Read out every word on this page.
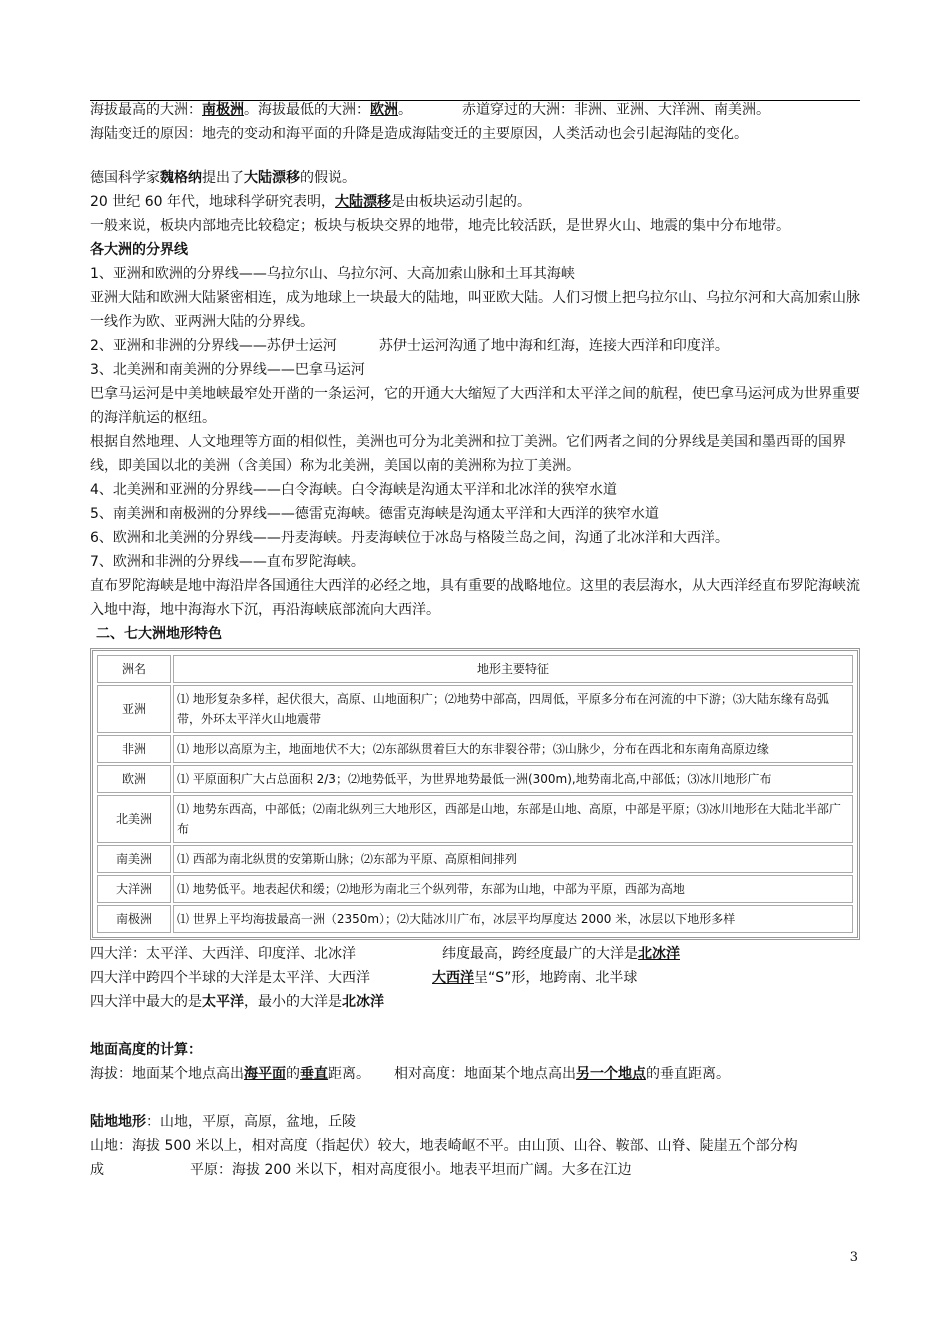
海拔最高的大洲：南极洲。海拔最低的大洲：欧洲。	赤道穿过的大洲：非洲、亚洲、大洋洲、南美洲。
海陆变迁的原因：地壳的变动和海平面的升降是造成海陆变迁的主要原因，人类活动也会引起海陆的变化。
德国科学家魏格纳提出了大陆漂移的假说。
20 世纪 60 年代，地球科学研究表明，大陆漂移是由板块运动引起的。
一般来说，板块内部地壳比较稳定；板块与板块交界的地带，地壳比较活跃，是世界火山、地震的集中分布地带。
各大洲的分界线
1、亚洲和欧洲的分界线——乌拉尔山、乌拉尔河、大高加索山脉和土耳其海峡
亚洲大陆和欧洲大陆紧密相连，成为地球上一块最大的陆地，叫亚欧大陆。人们习惯上把乌拉尔山、乌拉尔河和大高加索山脉一线作为欧、亚两洲大陆的分界线。
2、亚洲和非洲的分界线——苏伊士运河	苏伊士运河沟通了地中海和红海，连接大西洋和印度洋。
3、北美洲和南美洲的分界线——巴拿马运河
巴拿马运河是中美地峡最窄处开凿的一条运河，它的开通大大缩短了大西洋和太平洋之间的航程，使巴拿马运河成为世界重要的海洋航运的枢纽。
根据自然地理、人文地理等方面的相似性，美洲也可分为北美洲和拉丁美洲。它们两者之间的分界线是美国和墨西哥的国界线，即美国以北的美洲（含美国）称为北美洲，美国以南的美洲称为拉丁美洲。
4、北美洲和亚洲的分界线——白令海峡。白令海峡是沟通太平洋和北冰洋的狭窄水道
5、南美洲和南极洲的分界线——德雷克海峡。德雷克海峡是沟通太平洋和大西洋的狭窄水道
6、欧洲和北美洲的分界线——丹麦海峡。丹麦海峡位于冰岛与格陵兰岛之间，沟通了北冰洋和大西洋。
7、欧洲和非洲的分界线——直布罗陀海峡。
直布罗陀海峡是地中海沿岸各国通往大西洋的必经之地，具有重要的战略地位。这里的表层海水，从大西洋经直布罗陀海峡流入地中海，地中海海水下沉，再沿海峡底部流向大西洋。
二、七大洲地形特色
洲名	地形主要特征
亚洲	⑴ 地形复杂多样，起伏很大，高原、山地面积广；⑵地势中部高，四周低，平原多分布在河流的中下游；⑶大陆东缘有岛弧带，外环太平洋火山地震带
非洲	⑴ 地形以高原为主，地面地伏不大；⑵东部纵贯着巨大的东非裂谷带；⑶山脉少，分布在西北和东南角高原边缘
欧洲	⑴ 平原面积广大占总面积 2/3；⑵地势低平，为世界地势最低一洲(300m),地势南北高,中部低；⑶冰川地形广布
北美洲	⑴ 地势东西高，中部低；⑵南北纵列三大地形区，西部是山地，东部是山地、高原，中部是平原；⑶冰川地形在大陆北半部广布
南美洲	⑴ 西部为南北纵贯的安第斯山脉；⑵东部为平原、高原相间排列
大洋洲	⑴ 地势低平。地表起伏和缓；⑵地形为南北三个纵列带，东部为山地，中部为平原，西部为高地
南极洲	⑴ 世界上平均海拔最高一洲（2350m）；⑵大陆冰川广布，冰层平均厚度达 2000 米，冰层以下地形多样
四大洋：太平洋、大西洋、印度洋、北冰洋	纬度最高，跨经度最广的大洋是北冰洋
四大洋中跨四个半球的大洋是太平洋、大西洋	大西洋呈“S”形，地跨南、北半球
四大洋中最大的是太平洋，最小的大洋是北冰洋
地面高度的计算：
海拔：地面某个地点高出海平面的垂直距离。 相对高度：地面某个地点高出另一个地点的垂直距离。
陆地地形：山地，平原，高原，盆地，丘陵
山地：海拔 500 米以上，相对高度（指起伏）较大，地表崎岖不平。由山顶、山谷、鞍部、山脊、陡崖五个部分构
成	平原：海拔 200 米以下，相对高度很小。地表平坦而广阔。大多在江边
3
